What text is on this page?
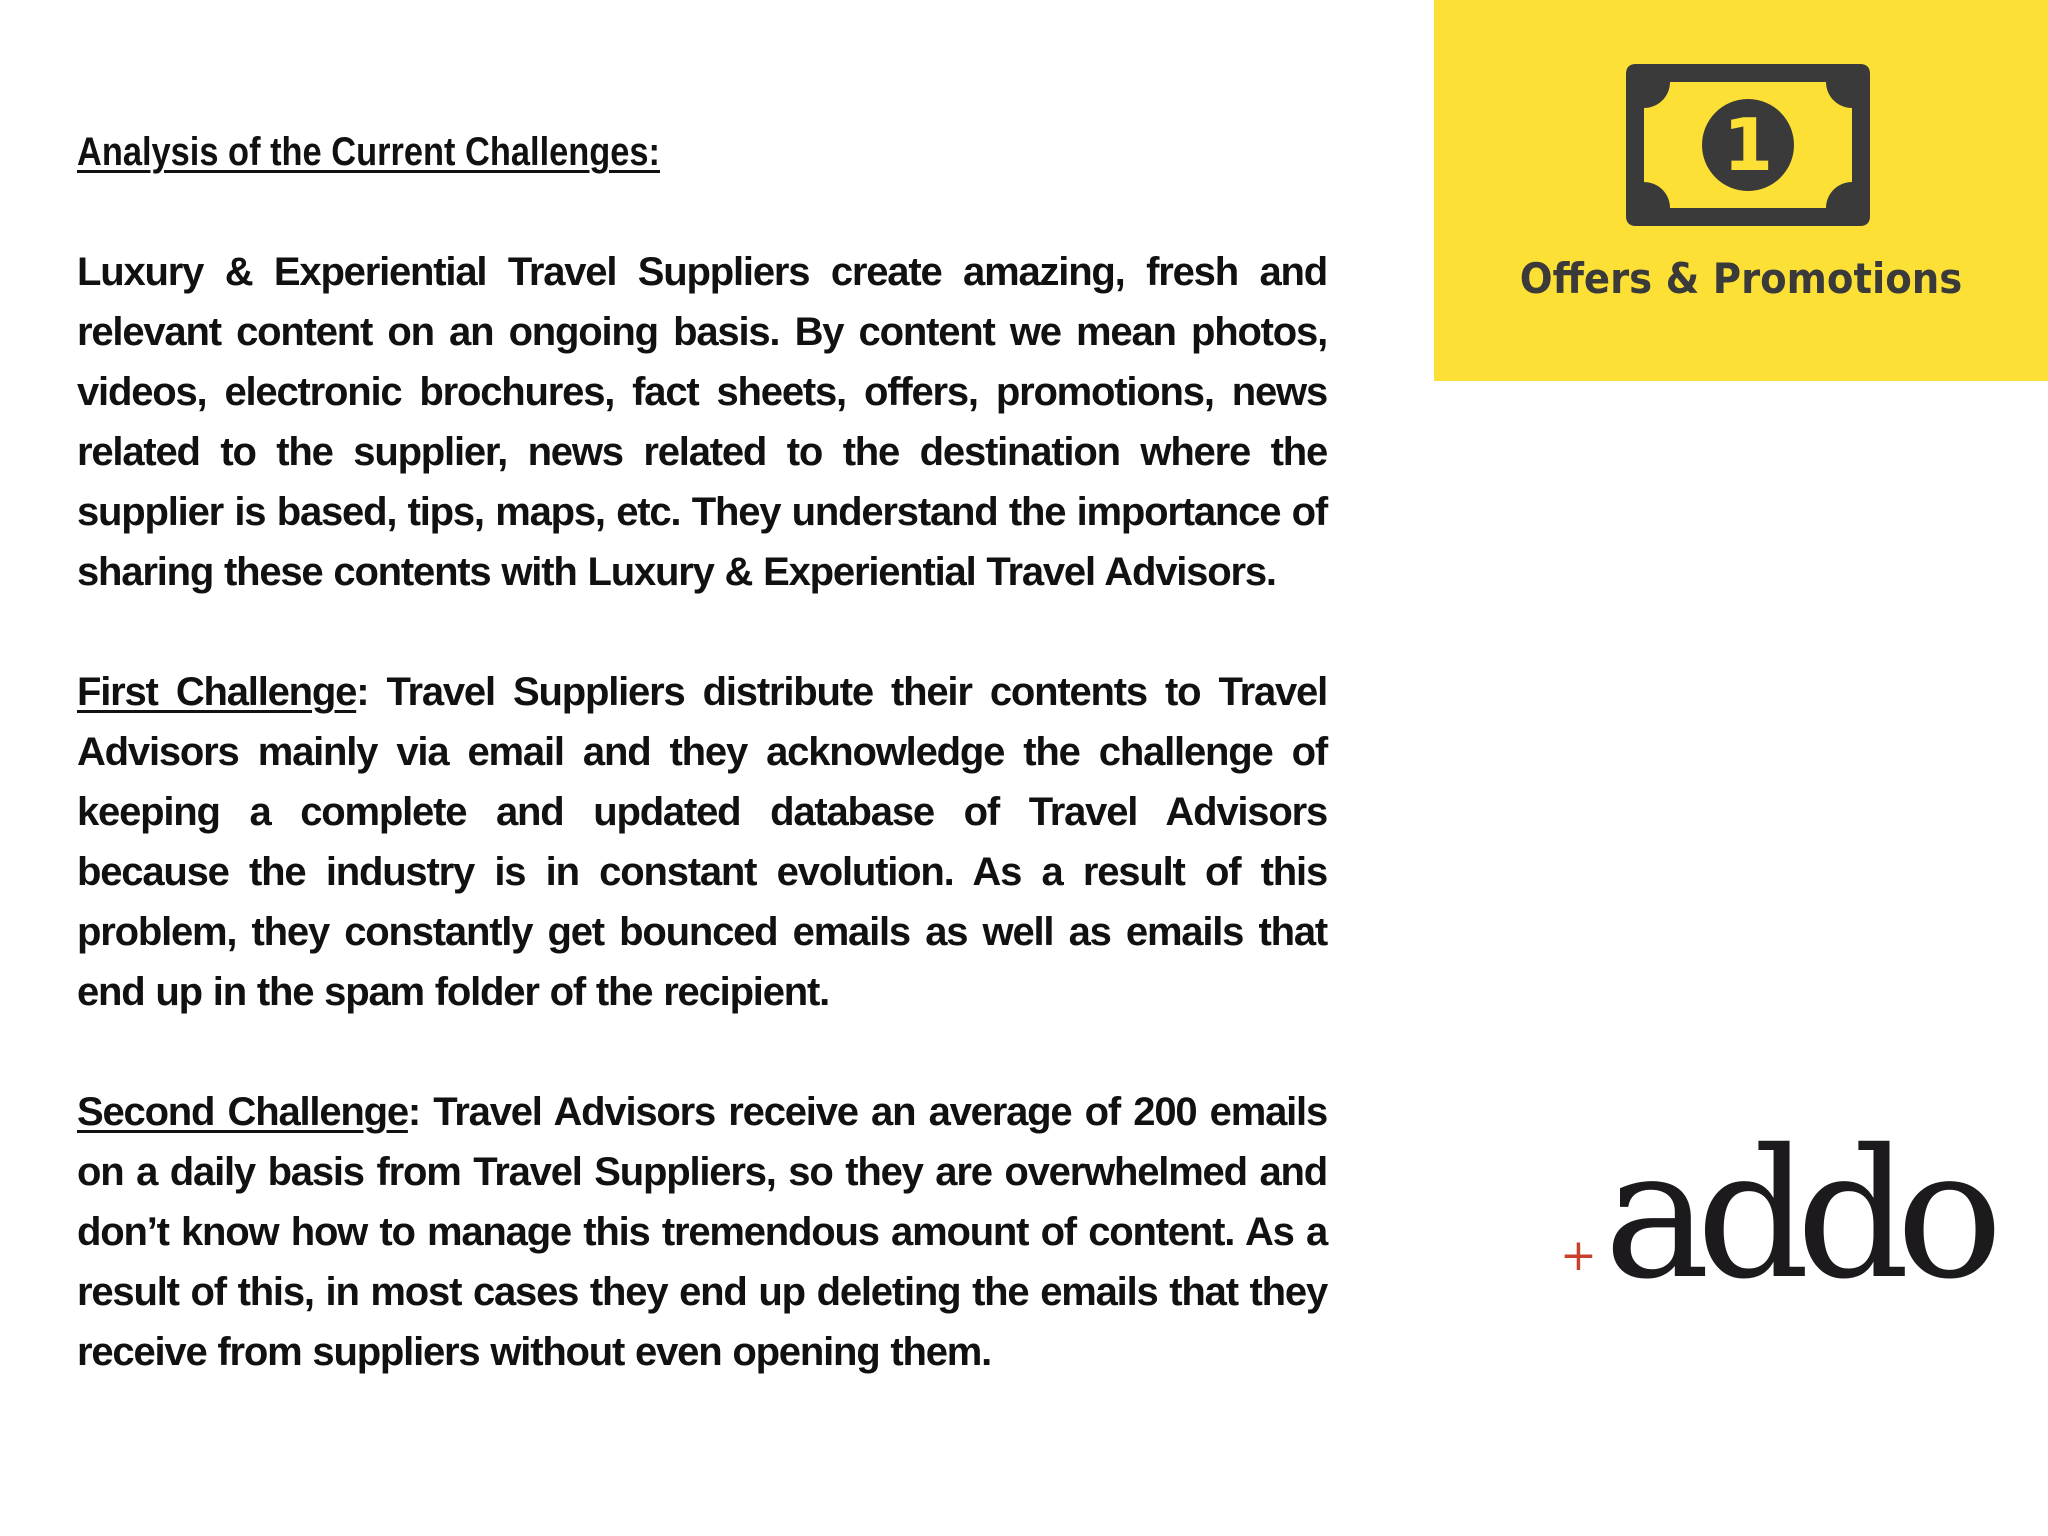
Analysis of the Current Challenges:

Luxury & Experiential Travel Suppliers create amazing, fresh and relevant content on an ongoing basis. By content we mean photos, videos, electronic brochures, fact sheets, offers, promotions, news related to the supplier, news related to the destination where the supplier is based, tips, maps, etc. They understand the importance of sharing these contents with Luxury & Experiential Travel Advisors.

First Challenge: Travel Suppliers distribute their contents to Travel Advisors mainly via email and they acknowledge the challenge of keeping a complete and updated database of Travel Advisors because the industry is in constant evolution. As a result of this problem, they constantly get bounced emails as well as emails that end up in the spam folder of the recipient.

Second Challenge: Travel Advisors receive an average of 200 emails on a daily basis from Travel Suppliers, so they are overwhelmed and don’t know how to manage this tremendous amount of content. As a result of this, in most cases they end up deleting the emails that they receive from suppliers without even opening them.

1
Offers & Promotions
+ addo
